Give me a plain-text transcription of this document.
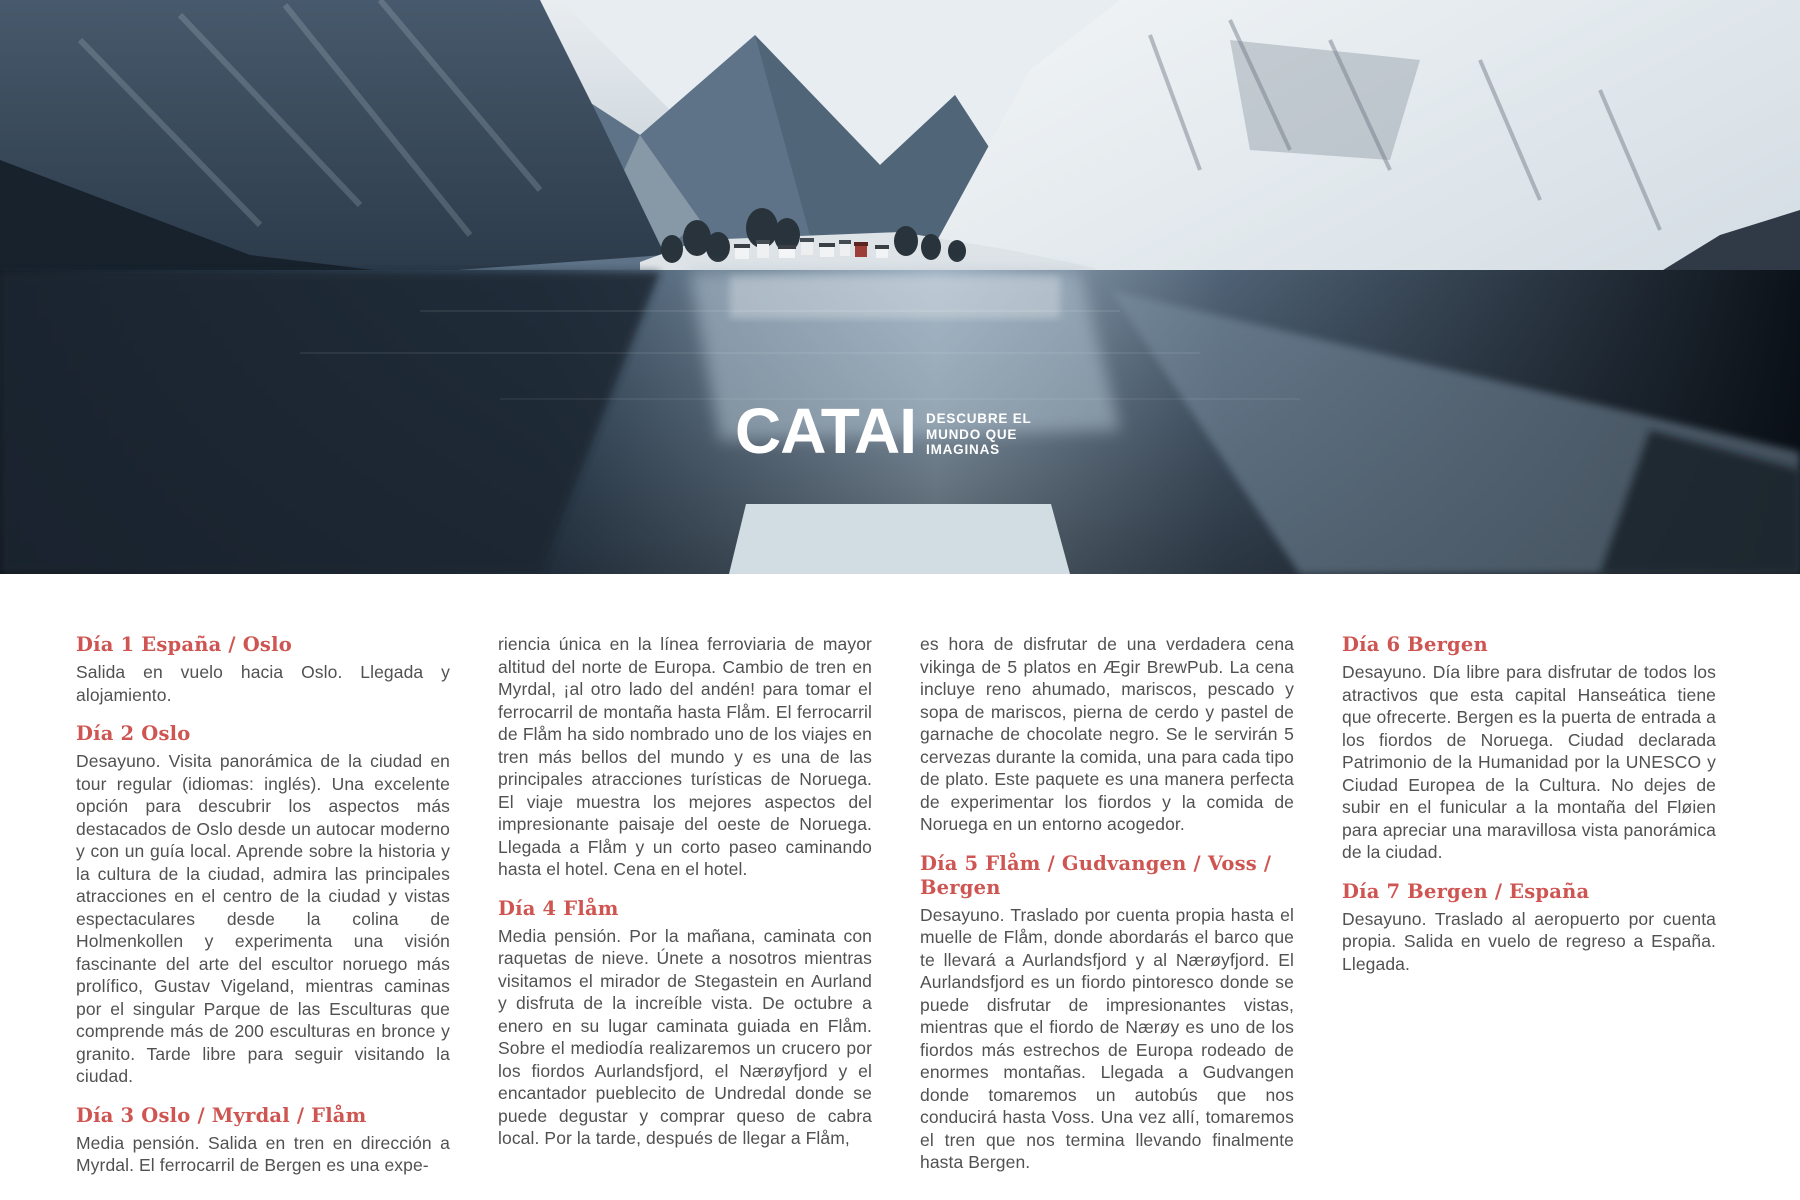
CATAI DESCUBRE EL
MUNDO QUE
IMAGINAS
Día 1 España / Oslo

Salida en vuelo hacia Oslo. Llegada y alojamiento.

Día 2 Oslo

Desayuno. Visita panorámica de la ciudad en tour regular (idiomas: inglés). Una excelente opción para descubrir los aspectos más destacados de Oslo desde un autocar moderno y con un guía local. Aprende sobre la historia y la cultura de la ciudad, admira las principales atracciones en el centro de la ciudad y vistas espectaculares desde la colina de Holmenkollen y experimenta una visión fascinante del arte del escultor noruego más prolífico, Gustav Vigeland, mientras caminas por el singular Parque de las Esculturas que comprende más de 200 esculturas en bronce y granito. Tarde libre para seguir visitando la ciudad.

Día 3 Oslo / Myrdal / Flåm

Media pensión. Salida en tren en dirección a Myrdal. El ferrocarril de Bergen es una expe-

riencia única en la línea ferroviaria de mayor altitud del norte de Europa. Cambio de tren en Myrdal, ¡al otro lado del andén! para tomar el ferrocarril de montaña hasta Flåm. El ferrocarril de Flåm ha sido nombrado uno de los viajes en tren más bellos del mundo y es una de las principales atracciones turísticas de Noruega. El viaje muestra los mejores aspectos del impresionante paisaje del oeste de Noruega. Llegada a Flåm y un corto paseo caminando hasta el hotel. Cena en el hotel.

Día 4 Flåm

Media pensión. Por la mañana, caminata con raquetas de nieve. Únete a nosotros mientras visitamos el mirador de Stegastein en Aurland y disfruta de la increíble vista. De octubre a enero en su lugar caminata guiada en Flåm. Sobre el mediodía realizaremos un crucero por los fiordos Aurlandsfjord, el Nærøyfjord y el encantador pueblecito de Undredal donde se puede degustar y comprar queso de cabra local. Por la tarde, después de llegar a Flåm,

es hora de disfrutar de una verdadera cena vikinga de 5 platos en Ægir BrewPub. La cena incluye reno ahumado, mariscos, pescado y sopa de mariscos, pierna de cerdo y pastel de garnache de chocolate negro. Se le servirán 5 cervezas durante la comida, una para cada tipo de plato. Este paquete es una manera perfecta de experimentar los fiordos y la comida de Noruega en un entorno acogedor.

Día 5 Flåm / Gudvangen / Voss / Bergen

Desayuno. Traslado por cuenta propia hasta el muelle de Flåm, donde abordarás el barco que te llevará a Aurlandsfjord y al Nærøyfjord. El Aurlandsfjord es un fiordo pintoresco donde se puede disfrutar de impresionantes vistas, mientras que el fiordo de Nærøy es uno de los fiordos más estrechos de Europa rodeado de enormes montañas. Llegada a Gudvangen donde tomaremos un autobús que nos conducirá hasta Voss. Una vez allí, tomaremos el tren que nos termina llevando finalmente hasta Bergen.

Día 6 Bergen

Desayuno. Día libre para disfrutar de todos los atractivos que esta capital Hanseática tiene que ofrecerte. Bergen es la puerta de entrada a los fiordos de Noruega. Ciudad declarada Patrimonio de la Humanidad por la UNESCO y Ciudad Europea de la Cultura. No dejes de subir en el funicular a la montaña del Fløien para apreciar una maravillosa vista panorámica de la ciudad.

Día 7 Bergen / España

Desayuno. Traslado al aeropuerto por cuenta propia. Salida en vuelo de regreso a España. Llegada.
